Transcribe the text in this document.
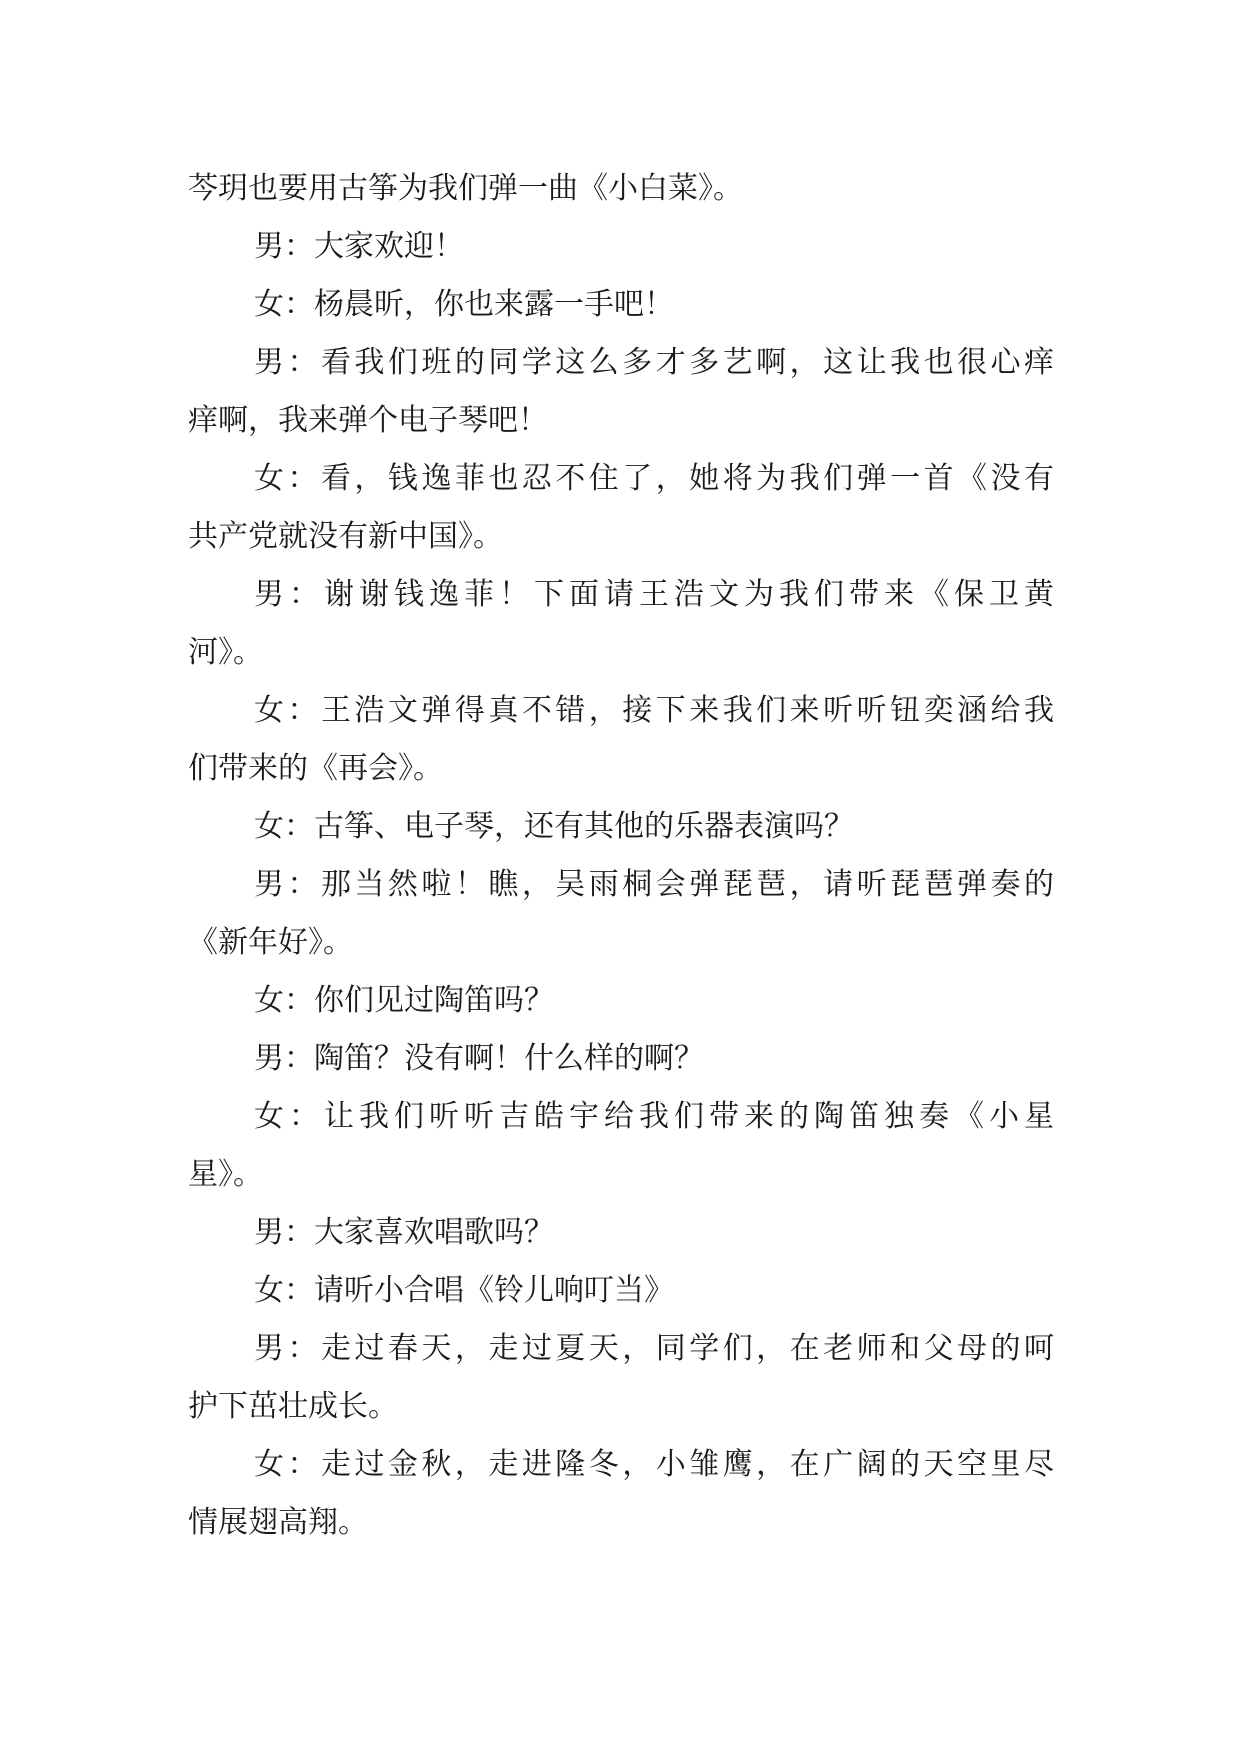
芩玥也要用古筝为我们弹一曲《小白菜》。
男：大家欢迎！
女：杨晨昕，你也来露一手吧！
男：看我们班的同学这么多才多艺啊，这让我也很心痒
痒啊，我来弹个电子琴吧！
女：看，钱逸菲也忍不住了，她将为我们弹一首《没有
共产党就没有新中国》。
男：谢谢钱逸菲！下面请王浩文为我们带来《保卫黄
河》。
女：王浩文弹得真不错，接下来我们来听听钮奕涵给我
们带来的《再会》。
女：古筝、电子琴，还有其他的乐器表演吗？
男：那当然啦！瞧，吴雨桐会弹琵琶，请听琵琶弹奏的
《新年好》。
女：你们见过陶笛吗？
男：陶笛？没有啊！什么样的啊？
女：让我们听听吉皓宇给我们带来的陶笛独奏《小星
星》。
男：大家喜欢唱歌吗？
女：请听小合唱《铃儿响叮当》
男：走过春天，走过夏天，同学们，在老师和父母的呵
护下茁壮成长。
女：走过金秋，走进隆冬，小雏鹰，在广阔的天空里尽
情展翅高翔。
